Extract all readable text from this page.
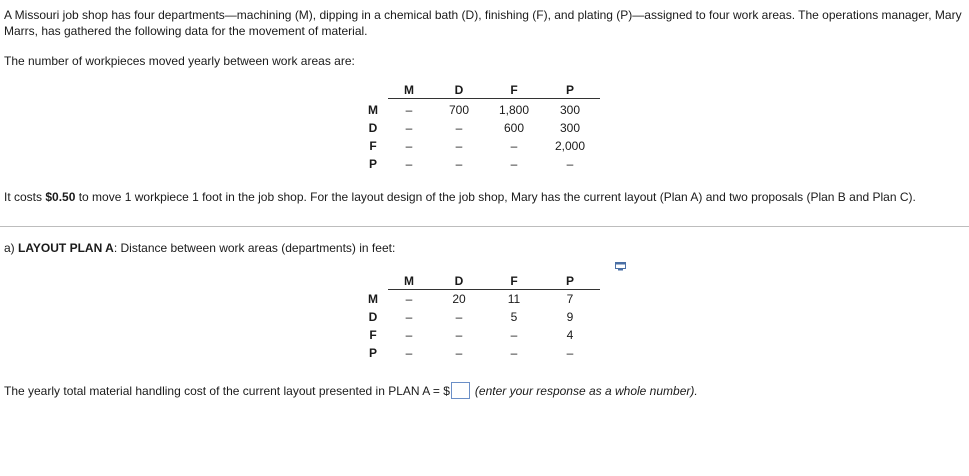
A Missouri job shop has four departments—machining (M), dipping in a chemical bath (D), finishing (F), and plating (P)—assigned to four work areas. The operations manager, Mary Marrs, has gathered the following data for the movement of material.

The number of workpieces moved yearly between work areas are:

	M	D	F	P
M	–	700	1,800	300
D	–	–	600	300
F	–	–	–	2,000
P	–	–	–	–

It costs $0.50 to move 1 workpiece 1 foot in the job shop. For the layout design of the job shop, Mary has the current layout (Plan A) and two proposals (Plan B and Plan C).

a) LAYOUT PLAN A: Distance between work areas (departments) in feet:

	M	D	F	P
M	–	20	11	7
D	–	–	5	9
F	–	–	–	4
P	–	–	–	–

The yearly total material handling cost of the current layout presented in PLAN A = $ (enter your response as a whole number).
